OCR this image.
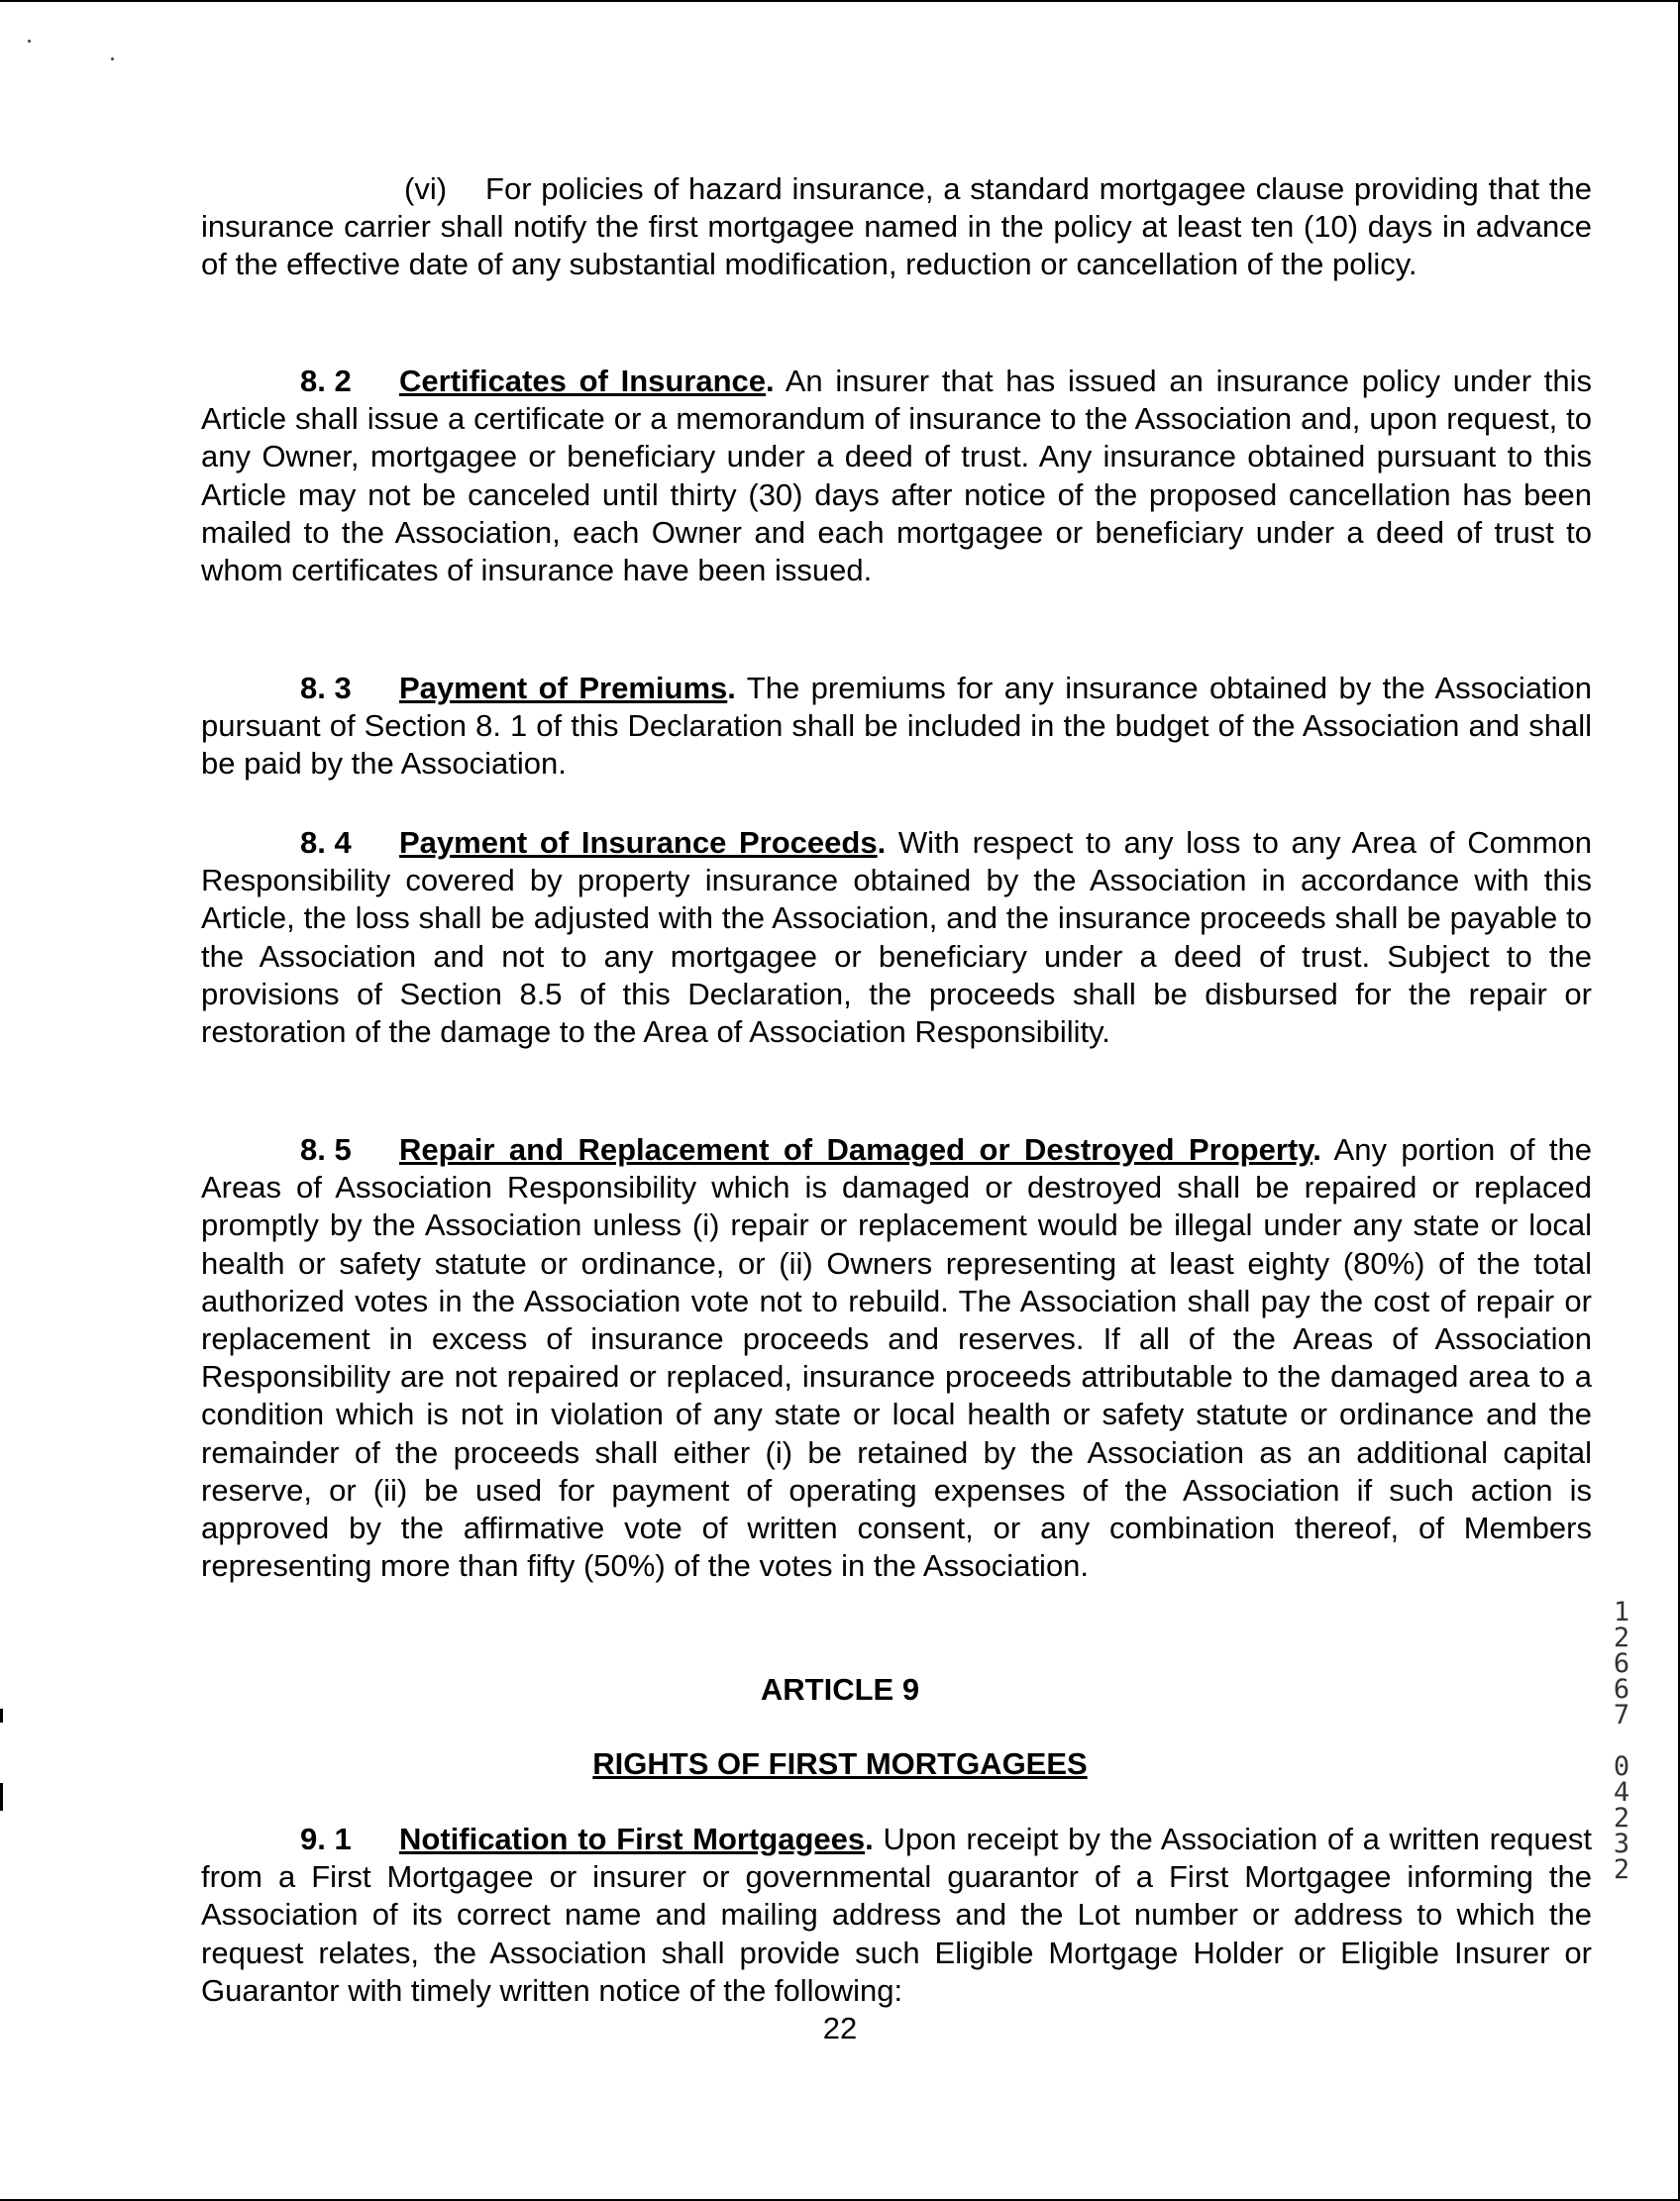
(vi) For policies of hazard insurance, a standard mortgagee clause providing that the insurance carrier shall notify the first mortgagee named in the policy at least ten (10) days in advance of the effective date of any substantial modification, reduction or cancellation of the policy.
8. 2 Certificates of Insurance. An insurer that has issued an insurance policy under this Article shall issue a certificate or a memorandum of insurance to the Association and, upon request, to any Owner, mortgagee or beneficiary under a deed of trust. Any insurance obtained pursuant to this Article may not be canceled until thirty (30) days after notice of the proposed cancellation has been mailed to the Association, each Owner and each mortgagee or beneficiary under a deed of trust to whom certificates of insurance have been issued.
8. 3 Payment of Premiums. The premiums for any insurance obtained by the Association pursuant of Section 8. 1 of this Declaration shall be included in the budget of the Association and shall be paid by the Association.
8. 4 Payment of Insurance Proceeds. With respect to any loss to any Area of Common Responsibility covered by property insurance obtained by the Association in accordance with this Article, the loss shall be adjusted with the Association, and the insurance proceeds shall be payable to the Association and not to any mortgagee or beneficiary under a deed of trust. Subject to the provisions of Section 8.5 of this Declaration, the proceeds shall be disbursed for the repair or restoration of the damage to the Area of Association Responsibility.
8. 5 Repair and Replacement of Damaged or Destroyed Property. Any portion of the Areas of Association Responsibility which is damaged or destroyed shall be repaired or replaced promptly by the Association unless (i) repair or replacement would be illegal under any state or local health or safety statute or ordinance, or (ii) Owners representing at least eighty (80%) of the total authorized votes in the Association vote not to rebuild. The Association shall pay the cost of repair or replacement in excess of insurance proceeds and reserves. If all of the Areas of Association Responsibility are not repaired or replaced, insurance proceeds attributable to the damaged area to a condition which is not in violation of any state or local health or safety statute or ordinance and the remainder of the proceeds shall either (i) be retained by the Association as an additional capital reserve, or (ii) be used for payment of operating expenses of the Association if such action is approved by the affirmative vote of written consent, or any combination thereof, of Members representing more than fifty (50%) of the votes in the Association.
ARTICLE 9
RIGHTS OF FIRST MORTGAGEES
9. 1 Notification to First Mortgagees. Upon receipt by the Association of a written request from a First Mortgagee or insurer or governmental guarantor of a First Mortgagee informing the Association of its correct name and mailing address and the Lot number or address to which the request relates, the Association shall provide such Eligible Mortgage Holder or Eligible Insurer or Guarantor with timely written notice of the following:
22
1
2
6
6
7
0
4
2
3
2
